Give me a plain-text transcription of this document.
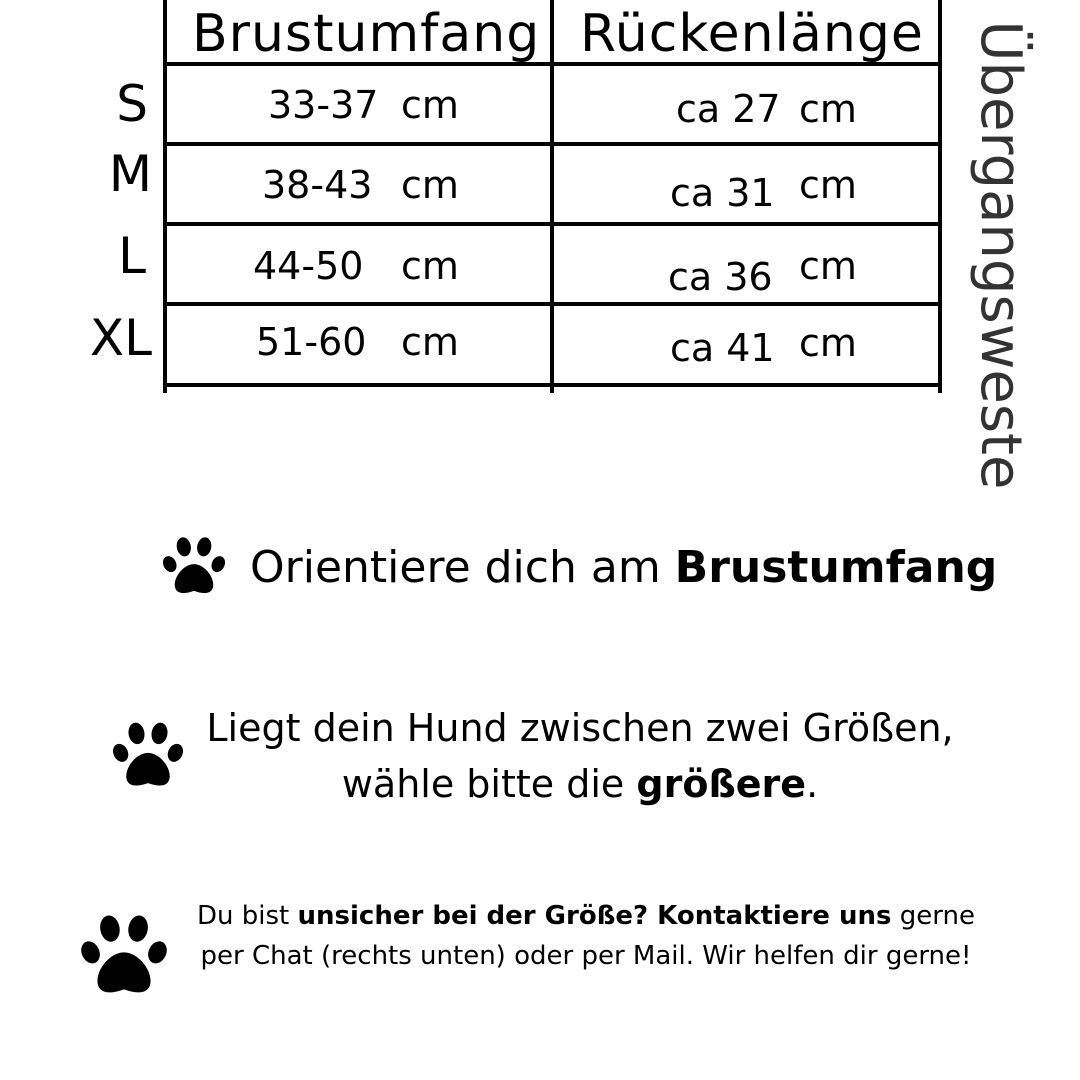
Brustumfang Rückenlänge
S
M
L
XL
33-37 cm
38-43 cm
44-50 cm
51-60 cm
ca 27 cm
ca 31 cm
ca 36 cm
ca 41 cm Übergangsweste
Orientiere dich am Brustumfang
Liegt dein Hund zwischen zwei Größen,
wähle bitte die größere.
Du bist unsicher bei der Größe? Kontaktiere uns gerne per Chat (rechts unten) oder per Mail. Wir helfen dir gerne!
